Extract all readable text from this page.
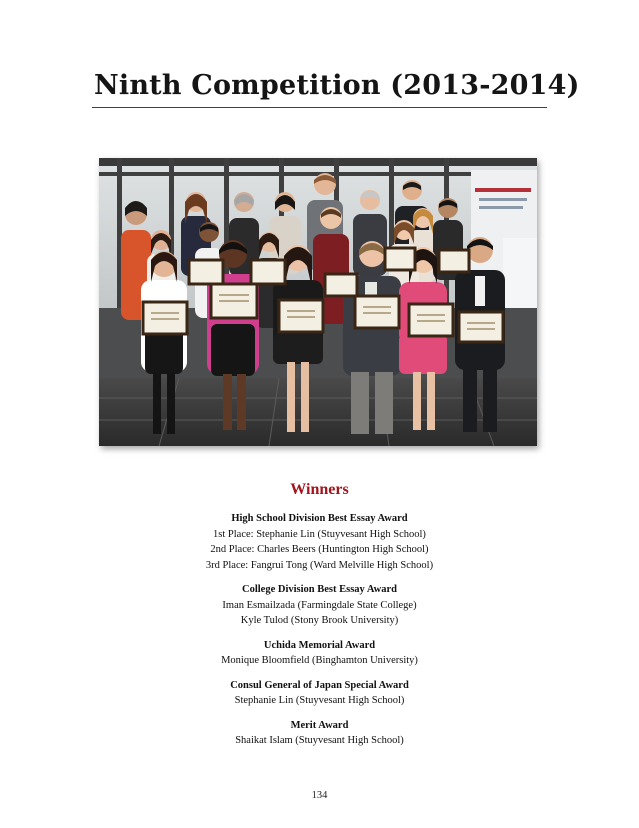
Ninth Competition (2013-2014)
Winners
High School Division Best Essay Award
1st Place: Stephanie Lin (Stuyvesant High School)
2nd Place: Charles Beers (Huntington High School)
3rd Place: Fangrui Tong (Ward Melville High School)
College Division Best Essay Award
Iman Esmailzada (Farmingdale State College)
Kyle Tulod (Stony Brook University)
Uchida Memorial Award
Monique Bloomfield (Binghamton University)
Consul General of Japan Special Award
Stephanie Lin (Stuyvesant High School)
Merit Award
Shaikat Islam (Stuyvesant High School)
134
